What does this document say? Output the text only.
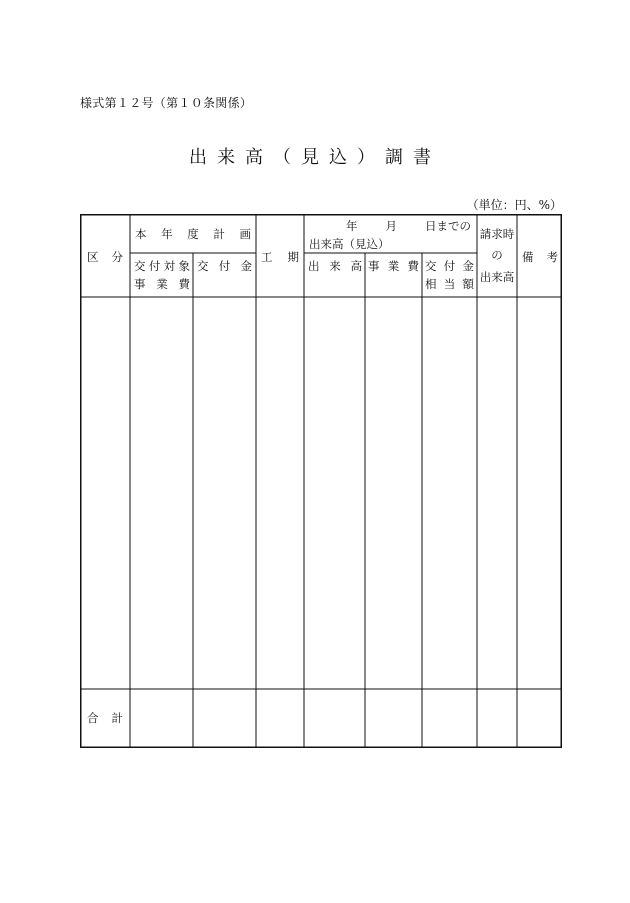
様式第１２号（第１０条関係）
出来高（見込）調書
（単位：円、%）
区 分
本 年 度 計 画
交 付 対 象
事 業 費
交 付 金
工 期
年 月 日までの
出来高（見込）
出 来 高 事 業 費 交 付 金
相 当 額
請求時
の
出来高
備 考
合 計
